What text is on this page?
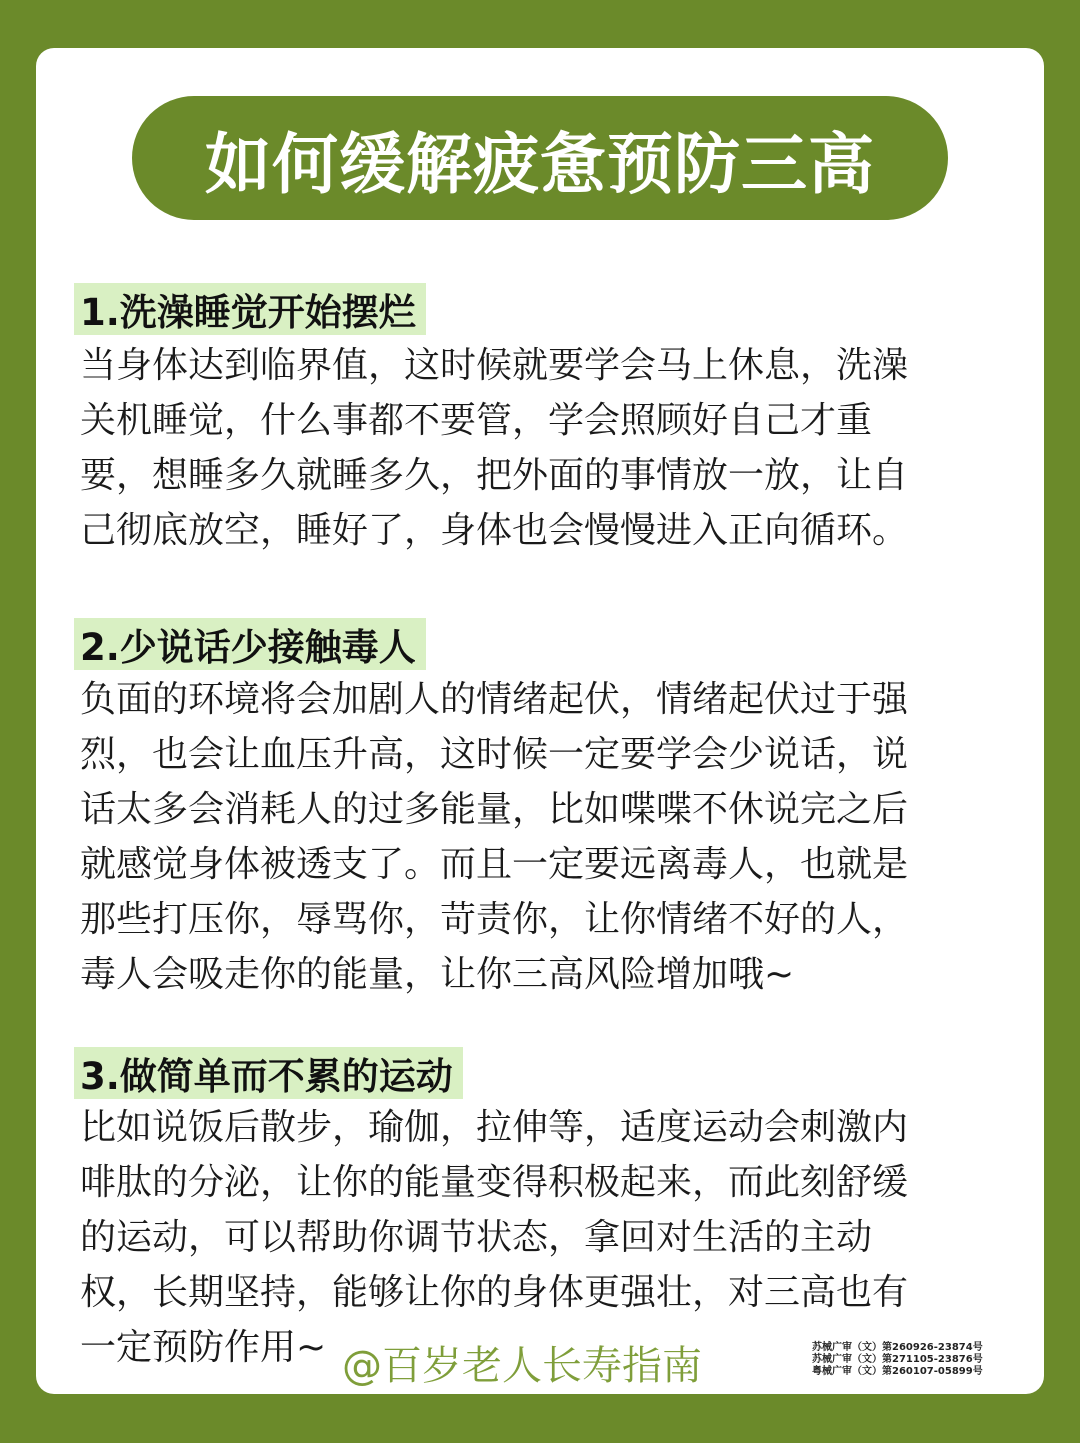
如何缓解疲惫预防三高
1.洗澡睡觉开始摆烂
当身体达到临界值，这时候就要学会马上休息，洗澡
关机睡觉，什么事都不要管，学会照顾好自己才重
要，想睡多久就睡多久，把外面的事情放一放，让自
己彻底放空，睡好了，身体也会慢慢进入正向循环。
2.少说话少接触毒人
负面的环境将会加剧人的情绪起伏，情绪起伏过于强
烈，也会让血压升高，这时候一定要学会少说话，说
话太多会消耗人的过多能量，比如喋喋不休说完之后
就感觉身体被透支了。而且一定要远离毒人，也就是
那些打压你，辱骂你，苛责你，让你情绪不好的人，
毒人会吸走你的能量，让你三高风险增加哦~
3.做简单而不累的运动
比如说饭后散步，瑜伽，拉伸等，适度运动会刺激内
啡肽的分泌，让你的能量变得积极起来，而此刻舒缓
的运动，可以帮助你调节状态，拿回对生活的主动
权，长期坚持，能够让你的身体更强壮，对三高也有
一定预防作用~ @百岁老人长寿指南	苏械广审（文）第260926-23874号
苏械广审（文）第271105-23876号
粤械广审（文）第260107-05899号
